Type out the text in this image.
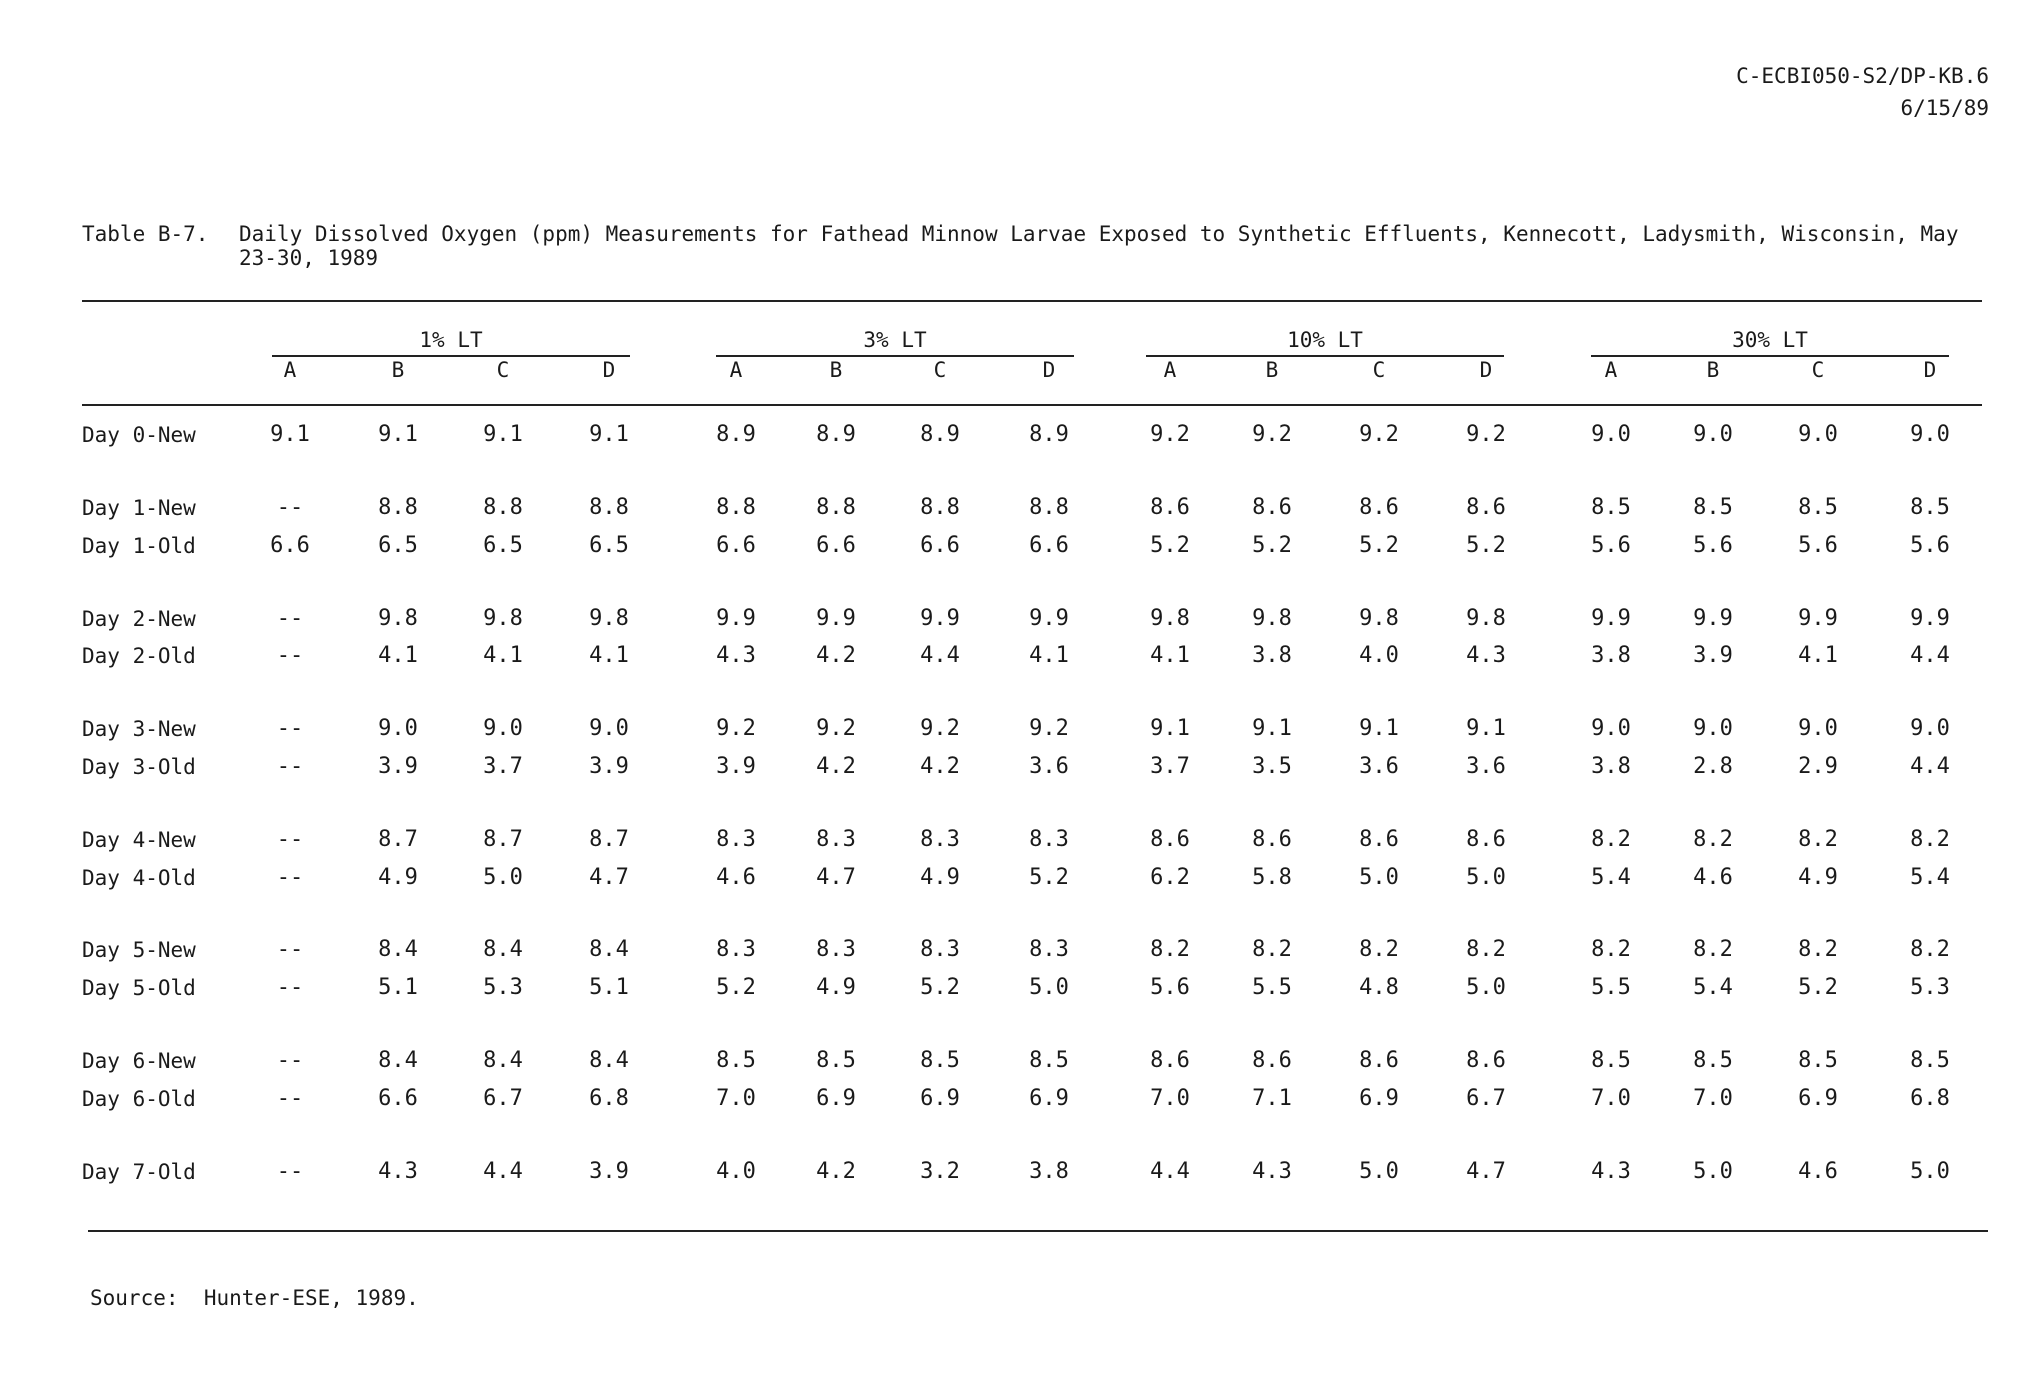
C-ECBI050-S2/DP-KB.6
6/15/89
Table B-7. Daily Dissolved Oxygen (ppm) Measurements for Fathead Minnow Larvae Exposed to Synthetic Effluents, Kennecott, Ladysmith, Wisconsin, May 23-30, 1989
1% LT
A	B	C	D
3% LT
A	B	C	D
10% LT
A	B	C	D
30% LT
A	B	C	D
Day 0-New	9.1	9.1	9.1	9.1	8.9	8.9	8.9	8.9	9.2	9.2	9.2	9.2	9.0	9.0	9.0	9.0
Day 1-New	--	8.8	8.8	8.8	8.8	8.8	8.8	8.8	8.6	8.6	8.6	8.6	8.5	8.5	8.5	8.5
Day 1-Old	6.6	6.5	6.5	6.5	6.6	6.6	6.6	6.6	5.2	5.2	5.2	5.2	5.6	5.6	5.6	5.6
Day 2-New	--	9.8	9.8	9.8	9.9	9.9	9.9	9.9	9.8	9.8	9.8	9.8	9.9	9.9	9.9	9.9
Day 2-Old	--	4.1	4.1	4.1	4.3	4.2	4.4	4.1	4.1	3.8	4.0	4.3	3.8	3.9	4.1	4.4
Day 3-New	--	9.0	9.0	9.0	9.2	9.2	9.2	9.2	9.1	9.1	9.1	9.1	9.0	9.0	9.0	9.0
Day 3-Old	--	3.9	3.7	3.9	3.9	4.2	4.2	3.6	3.7	3.5	3.6	3.6	3.8	2.8	2.9	4.4
Day 4-New	--	8.7	8.7	8.7	8.3	8.3	8.3	8.3	8.6	8.6	8.6	8.6	8.2	8.2	8.2	8.2
Day 4-Old	--	4.9	5.0	4.7	4.6	4.7	4.9	5.2	6.2	5.8	5.0	5.0	5.4	4.6	4.9	5.4
Day 5-New	--	8.4	8.4	8.4	8.3	8.3	8.3	8.3	8.2	8.2	8.2	8.2	8.2	8.2	8.2	8.2
Day 5-Old	--	5.1	5.3	5.1	5.2	4.9	5.2	5.0	5.6	5.5	4.8	5.0	5.5	5.4	5.2	5.3
Day 6-New	--	8.4	8.4	8.4	8.5	8.5	8.5	8.5	8.6	8.6	8.6	8.6	8.5	8.5	8.5	8.5
Day 6-Old	--	6.6	6.7	6.8	7.0	6.9	6.9	6.9	7.0	7.1	6.9	6.7	7.0	7.0	6.9	6.8
Day 7-Old	--	4.3	4.4	3.9	4.0	4.2	3.2	3.8	4.4	4.3	5.0	4.7	4.3	5.0	4.6	5.0
Source: Hunter-ESE, 1989.
